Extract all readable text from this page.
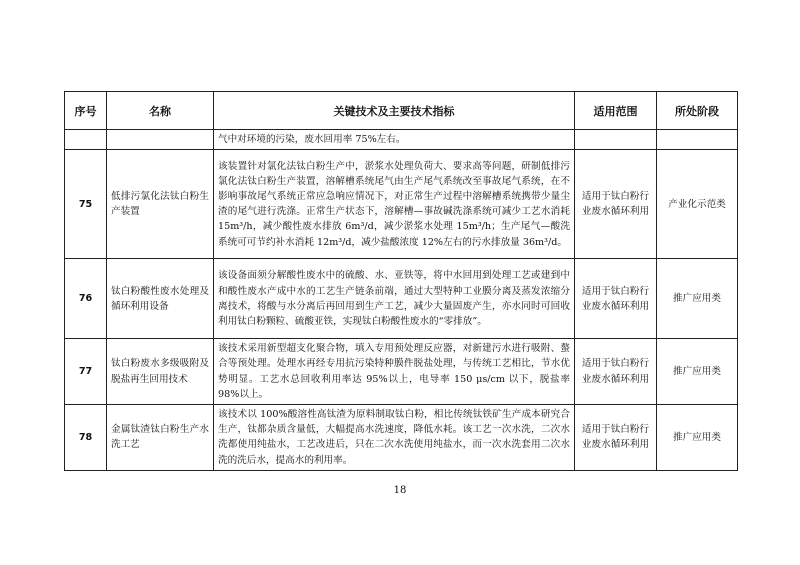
序号	名称	关键技术及主要技术指标	适用范围	所处阶段
		气中对环境的污染，废水回用率 75%左右。		
75	低排污氯化法钛白粉生产装置	该装置针对氯化法钛白粉生产中，淤浆水处理负荷大、要求高等问题，研制低排污氯化法钛白粉生产装置，溶解槽系统尾气由生产尾气系统改至事故尾气系统，在不影响事故尾气系统正常应急响应情况下，对正常生产过程中溶解槽系统携带少量尘渣的尾气进行洗涤。正常生产状态下，溶解槽—事故碱洗涤系统可减少工艺水消耗 15m³/h，减少酸性废水排放 6m³/d，减少淤浆水处理 15m³/h；生产尾气—酸洗系统可可节约补水消耗 12m³/d，减少盐酸浓度 12%左右的污水排放量 36m³/d。	适用于钛白粉行业废水循环利用	产业化示范类
76	钛白粉酸性废水处理及循环利用设备	该设备面须分解酸性废水中的硫酸、水、亚铁等，将中水回用到处理工艺或建到中和酸性废水产成中水的工艺生产链条前端，通过大型特种工业膜分离及蒸发浓缩分离技术，将酸与水分离后再回用到生产工艺，减少大量固废产生，亦水同时可回收利用钛白粉颗粒、硫酸亚铁，实现钛白粉酸性废水的“零排放”。	适用于钛白粉行业废水循环利用	推广应用类
77	钛白粉废水多级吸附及脱盐再生回用技术	该技术采用新型超支化聚合物，填入专用预处理反应器，对新建污水进行吸附、螯合等预处理。处理水再经专用抗污染特种膜件脱盐处理，与传统工艺相比，节水优势明显。工艺水总回收利用率达 95%以上，电导率 150 μs/cm 以下，脱盐率 98%以上。	适用于钛白粉行业废水循环利用	推广应用类
78	金属钛渣钛白粉生产水洗工艺	该技术以 100%酸溶性高钛渣为原料制取钛白粉，相比传统钛铁矿生产成本研究合生产，钛都杂质含量低，大幅提高水洗速度，降低水耗。该工艺一次水洗，二次水洗都使用纯盐水，工艺改进后，只在二次水洗使用纯盐水，而一次水洗套用二次水洗的洗后水，提高水的利用率。	适用于钛白粉行业废水循环利用	推广应用类
18
